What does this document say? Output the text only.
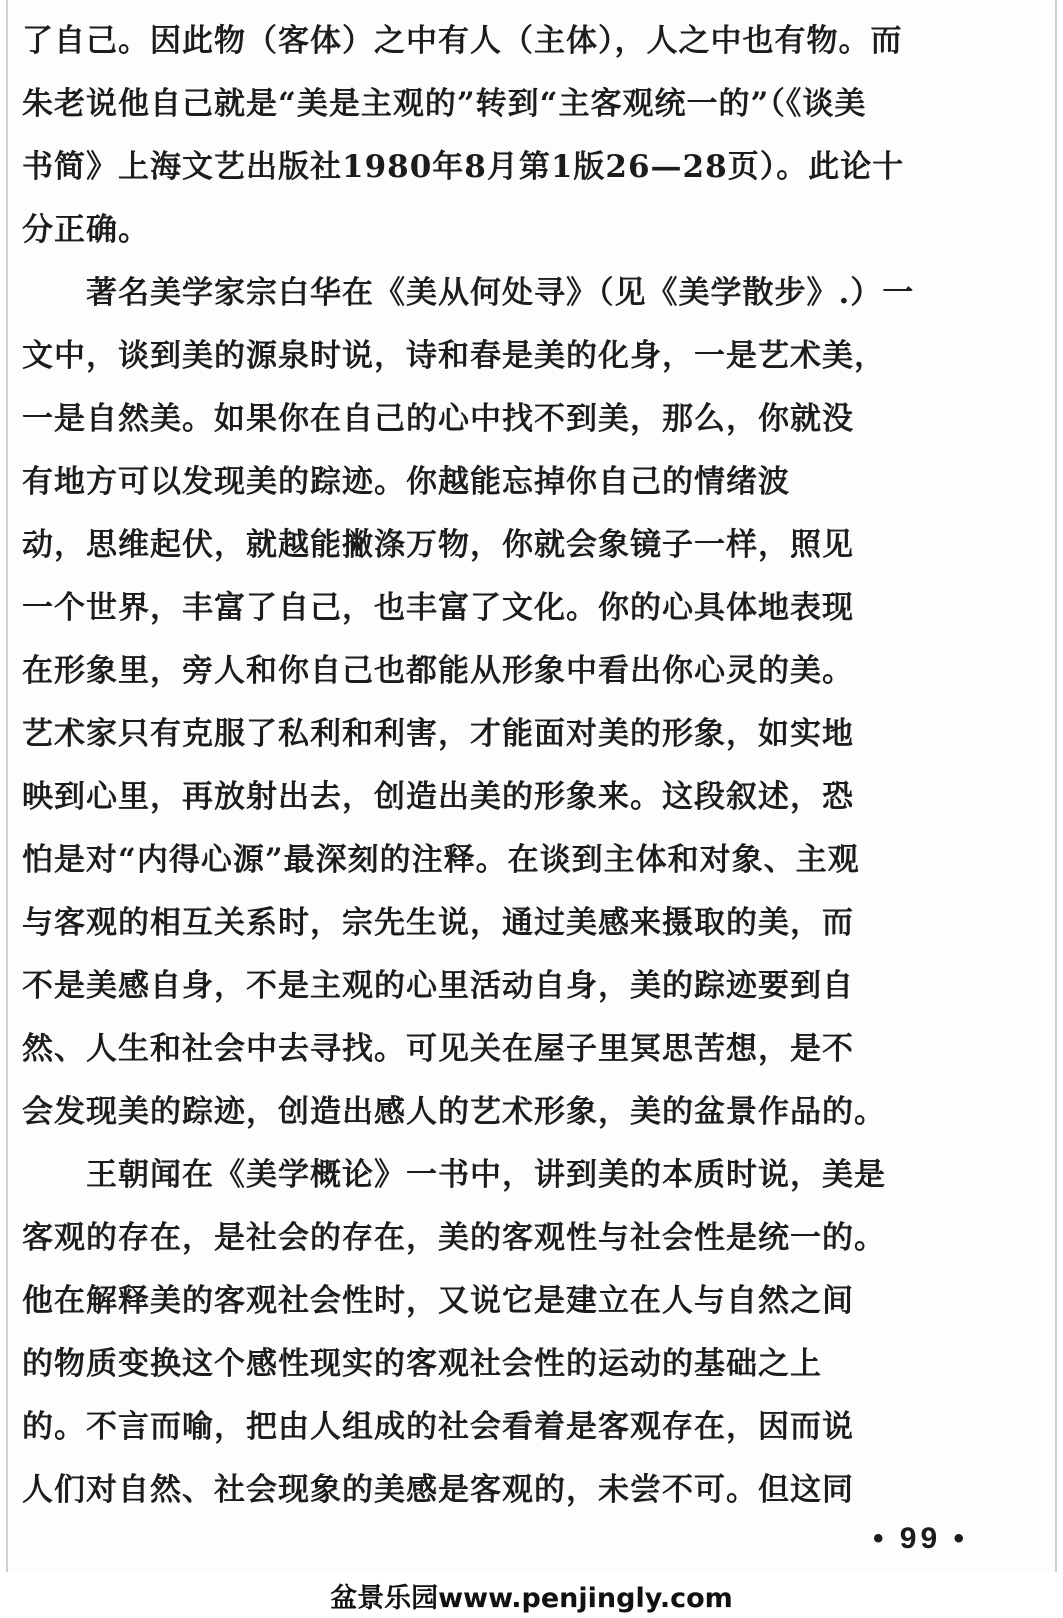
了自己。因此物（客体）之中有人（主体），人之中也有物。而
朱老说他自己就是“美是主观的”转到“主客观统一的”（《谈美
书简》上海文艺出版社1980年8月第1版26—28页）。此论十
分正确。
著名美学家宗白华在《美从何处寻》（见《美学散步》.）一
文中，谈到美的源泉时说，诗和春是美的化身，一是艺术美，
一是自然美。如果你在自己的心中找不到美，那么，你就没
有地方可以发现美的踪迹。你越能忘掉你自己的情绪波
动，思维起伏，就越能撇涤万物，你就会象镜子一样，照见
一个世界，丰富了自己，也丰富了文化。你的心具体地表现
在形象里，旁人和你自己也都能从形象中看出你心灵的美。
艺术家只有克服了私利和利害，才能面对美的形象，如实地
映到心里，再放射出去，创造出美的形象来。这段叙述，恐
怕是对“内得心源”最深刻的注释。在谈到主体和对象、主观
与客观的相互关系时，宗先生说，通过美感来摄取的美，而
不是美感自身，不是主观的心里活动自身，美的踪迹要到自
然、人生和社会中去寻找。可见关在屋子里冥思苦想，是不
会发现美的踪迹，创造出感人的艺术形象，美的盆景作品的。
王朝闻在《美学概论》一书中，讲到美的本质时说，美是
客观的存在，是社会的存在，美的客观性与社会性是统一的。
他在解释美的客观社会性时，又说它是建立在人与自然之间
的物质变换这个感性现实的客观社会性的运动的基础之上
的。不言而喻，把由人组成的社会看着是客观存在，因而说
人们对自然、社会现象的美感是客观的，未尝不可。但这同
• 99 •
盆景乐园www.penjingly.com
